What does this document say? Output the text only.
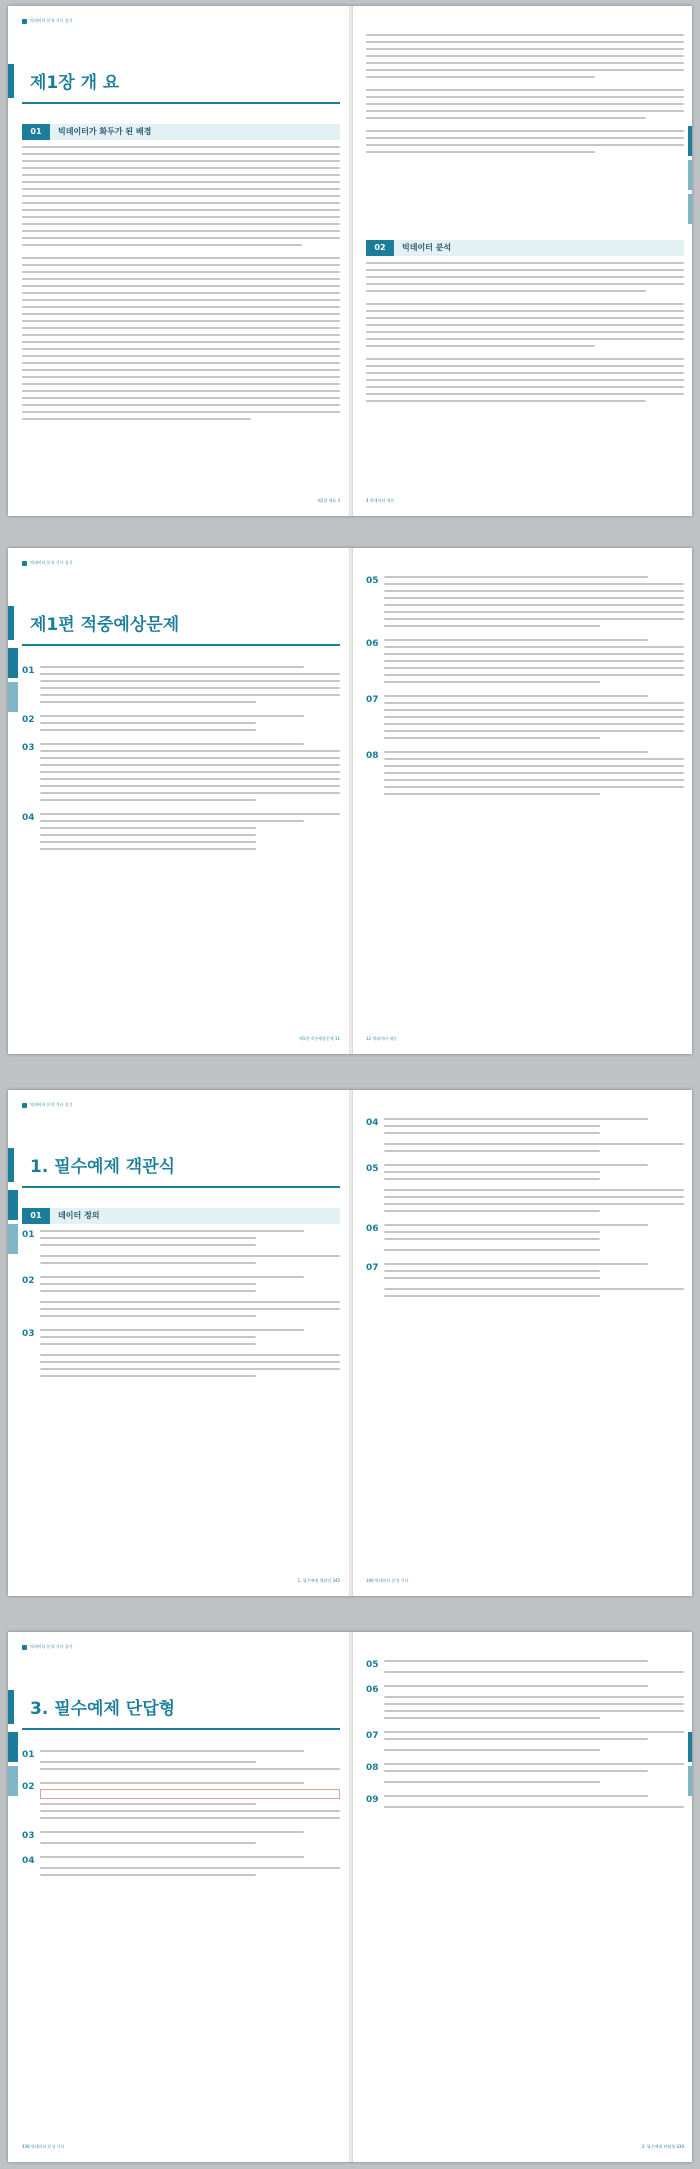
빅데이터 분석 기사 실기
제1장 개 요
01	빅데이터가 화두가 된 배경
제1장 개요 3
02	빅데이터 분석
4 빅데이터 개론
빅데이터 분석 기사 실기
제1편 적중예상문제
01
02
03
04
제1편 적중예상문제 11
05
06
07
08
12 빅데이터 개론
빅데이터 분석 기사 실기
1. 필수예제 객관식
01	데이터 정의
01
02
03
1. 필수예제 객관식 345
04
05
06
07
346 빅데이터 분석 기사
빅데이터 분석 기사 실기
3. 필수예제 단답형
01
02
03
04
438 빅데이터 분석 기사
05
06
07
08
09
3. 필수예제 단답형 439
